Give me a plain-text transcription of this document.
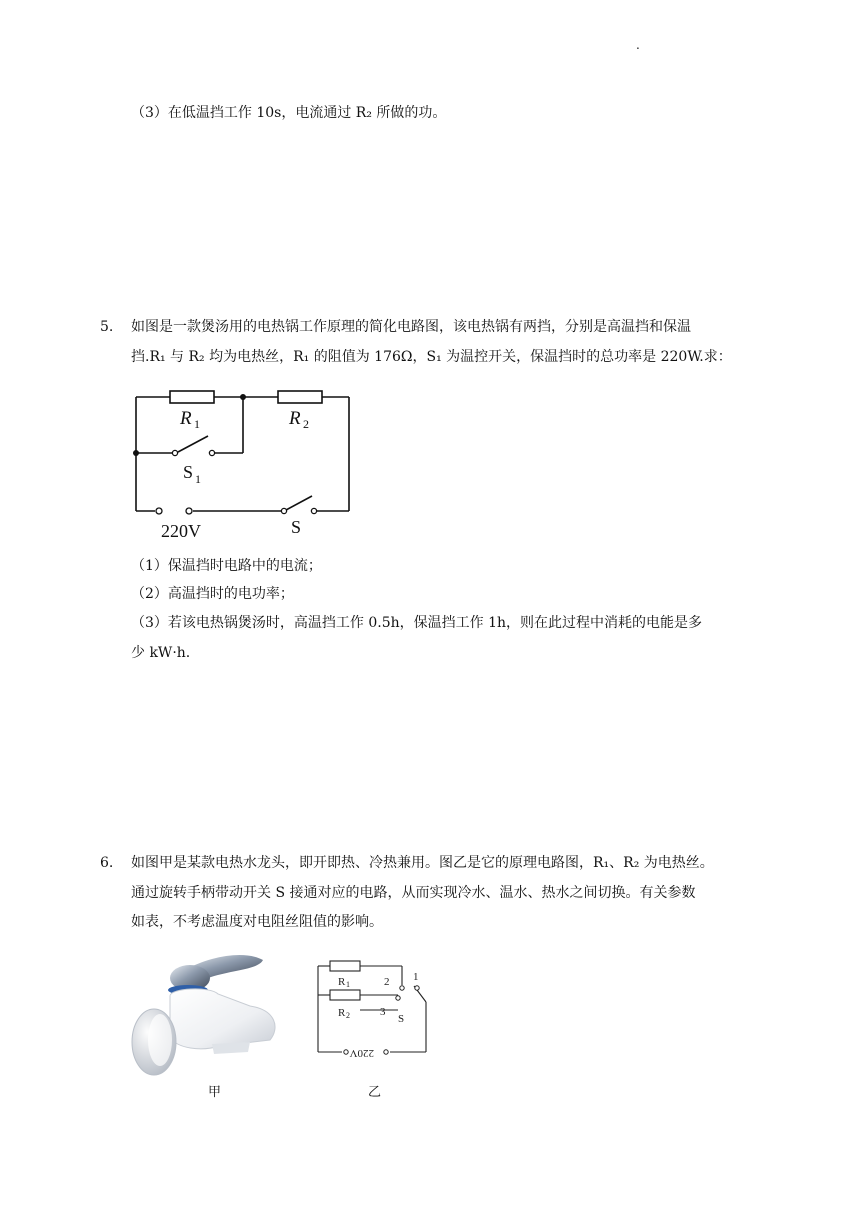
.
（3）在低温挡工作 10s，电流通过 R₂ 所做的功。
5. 如图是一款煲汤用的电热锅工作原理的简化电路图，该电热锅有两挡，分别是高温挡和保温
挡.R₁ 与 R₂ 均为电热丝，R₁ 的阻值为 176Ω，S₁ 为温控开关，保温挡时的总功率是 220W.求：
R 1	R 2
S 1
220V	S
（1）保温挡时电路中的电流；
（2）高温挡时的电功率；
（3）若该电热锅煲汤时，高温挡工作 0.5h，保温挡工作 1h，则在此过程中消耗的电能是多
少 kW·h.
6. 如图甲是某款电热水龙头，即开即热、冷热兼用。图乙是它的原理电路图，R₁、R₂ 为电热丝。
通过旋转手柄带动开关 S 接通对应的电路，从而实现冷水、温水、热水之间切换。有关参数
如表，不考虑温度对电阻丝阻值的影响。
甲
R 1
R 2
2
3
1
S
220V
乙
